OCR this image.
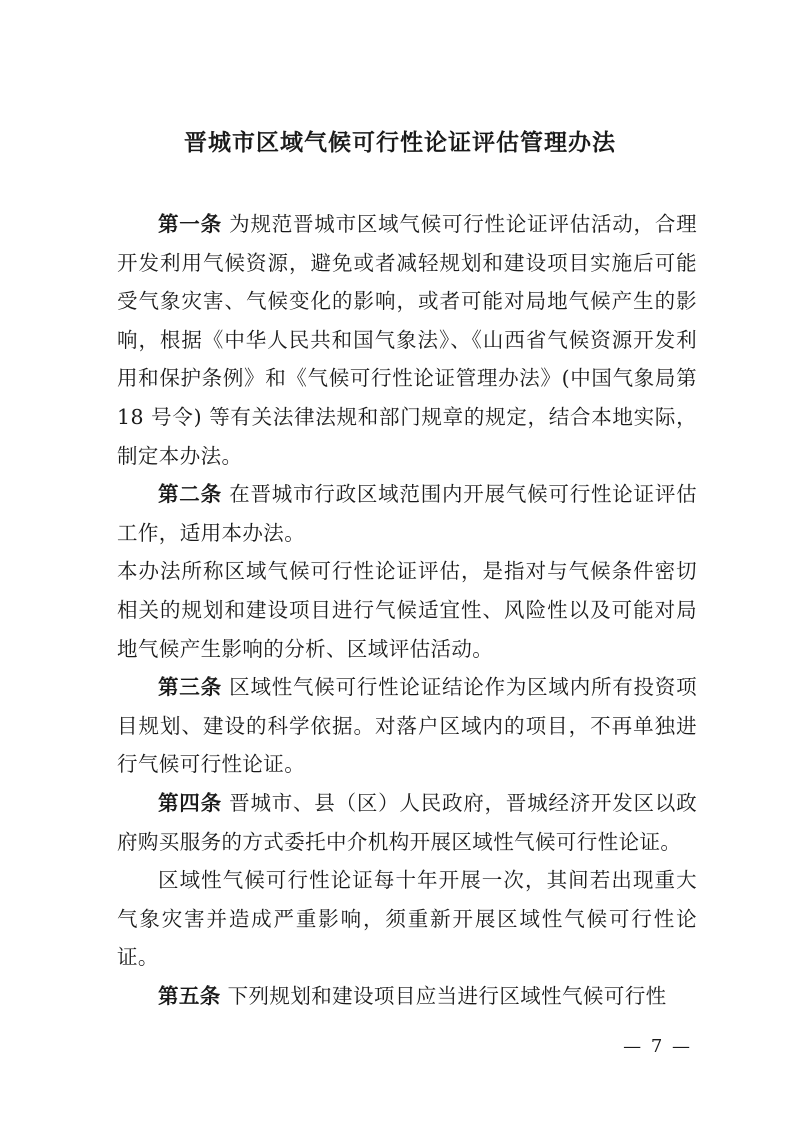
晋城市区域气候可行性论证评估管理办法

第一条 为规范晋城市区域气候可行性论证评估活动，合理开发利用气候资源，避免或者减轻规划和建设项目实施后可能受气象灾害、气候变化的影响，或者可能对局地气候产生的影响，根据《中华人民共和国气象法》、《山西省气候资源开发利用和保护条例》和《气候可行性论证管理办法》(中国气象局第 18 号令) 等有关法律法规和部门规章的规定，结合本地实际，制定本办法。

第二条 在晋城市行政区域范围内开展气候可行性论证评估工作，适用本办法。

本办法所称区域气候可行性论证评估，是指对与气候条件密切相关的规划和建设项目进行气候适宜性、风险性以及可能对局地气候产生影响的分析、区域评估活动。

第三条 区域性气候可行性论证结论作为区域内所有投资项目规划、建设的科学依据。对落户区域内的项目，不再单独进行气候可行性论证。

第四条 晋城市、县（区）人民政府，晋城经济开发区以政府购买服务的方式委托中介机构开展区域性气候可行性论证。

区域性气候可行性论证每十年开展一次，其间若出现重大气象灾害并造成严重影响，须重新开展区域性气候可行性论证。

第五条 下列规划和建设项目应当进行区域性气候可行性

— 7 —
